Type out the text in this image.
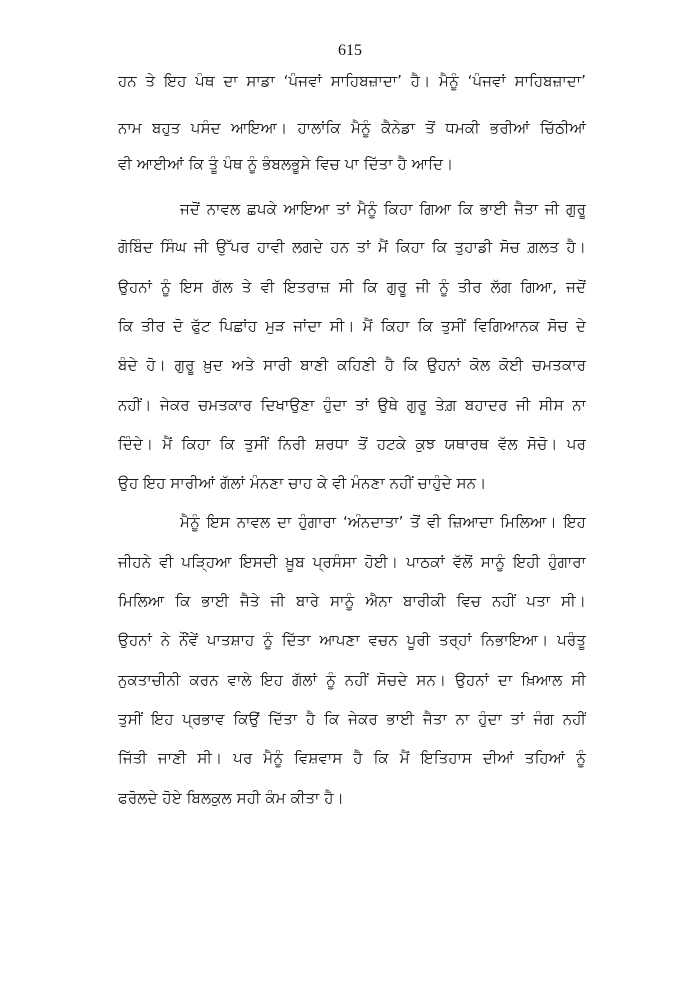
615
ਹਨ ਤੇ ਇਹ ਪੰਥ ਦਾ ਸਾਡਾ ‘ਪੰਜਵਾਂ ਸਾਹਿਬਜ਼ਾਦਾ’ ਹੈ। ਮੈਨੂੰ ‘ਪੰਜਵਾਂ ਸਾਹਿਬਜ਼ਾਦਾ’
ਨਾਮ ਬਹੁਤ ਪਸੰਦ ਆਇਆ। ਹਾਲਾਂਕਿ ਮੈਨੂੰ ਕੈਨੇਡਾ ਤੋਂ ਧਮਕੀ ਭਰੀਆਂ ਚਿੱਠੀਆਂ
ਵੀ ਆਈਆਂ ਕਿ ਤੂੰ ਪੰਥ ਨੂੰ ਭੰਬਲਭੂਸੇ ਵਿਚ ਪਾ ਦਿੱਤਾ ਹੈ ਆਦਿ।
ਜਦੋਂ ਨਾਵਲ ਛਪਕੇ ਆਇਆ ਤਾਂ ਮੈਨੂੰ ਕਿਹਾ ਗਿਆ ਕਿ ਭਾਈ ਜੈਤਾ ਜੀ ਗੁਰੂ
ਗੋਬਿੰਦ ਸਿੰਘ ਜੀ ਉੱਪਰ ਹਾਵੀ ਲਗਦੇ ਹਨ ਤਾਂ ਮੈਂ ਕਿਹਾ ਕਿ ਤੁਹਾਡੀ ਸੋਚ ਗ਼ਲਤ ਹੈ।
ਉਹਨਾਂ ਨੂੰ ਇਸ ਗੱਲ ਤੇ ਵੀ ਇਤਰਾਜ਼ ਸੀ ਕਿ ਗੁਰੂ ਜੀ ਨੂੰ ਤੀਰ ਲੱਗ ਗਿਆ, ਜਦੋਂ
ਕਿ ਤੀਰ ਦੋ ਫੁੱਟ ਪਿਛਾਂਹ ਮੁੜ ਜਾਂਦਾ ਸੀ। ਮੈਂ ਕਿਹਾ ਕਿ ਤੁਸੀਂ ਵਿਗਿਆਨਕ ਸੋਚ ਦੇ
ਬੰਦੇ ਹੋ। ਗੁਰੂ ਖ਼ੁਦ ਅਤੇ ਸਾਰੀ ਬਾਣੀ ਕਹਿਣੀ ਹੈ ਕਿ ਉਹਨਾਂ ਕੋਲ ਕੋਈ ਚਮਤਕਾਰ
ਨਹੀਂ। ਜੇਕਰ ਚਮਤਕਾਰ ਦਿਖਾਉਣਾ ਹੁੰਦਾ ਤਾਂ ਉਥੇ ਗੁਰੂ ਤੇਗ਼ ਬਹਾਦਰ ਜੀ ਸੀਸ ਨਾ
ਦਿੰਦੇ। ਮੈਂ ਕਿਹਾ ਕਿ ਤੁਸੀਂ ਨਿਰੀ ਸ਼ਰਧਾ ਤੋਂ ਹਟਕੇ ਕੁਝ ਯਥਾਰਥ ਵੱਲ ਸੋਚੋ। ਪਰ
ਉਹ ਇਹ ਸਾਰੀਆਂ ਗੱਲਾਂ ਮੰਨਣਾ ਚਾਹ ਕੇ ਵੀ ਮੰਨਣਾ ਨਹੀਂ ਚਾਹੁੰਦੇ ਸਨ।
ਮੈਨੂੰ ਇਸ ਨਾਵਲ ਦਾ ਹੁੰਗਾਰਾ ‘ਅੰਨਦਾਤਾ’ ਤੋਂ ਵੀ ਜ਼ਿਆਦਾ ਮਿਲਿਆ। ਇਹ
ਜੀਹਨੇ ਵੀ ਪੜ੍ਹਿਆ ਇਸਦੀ ਖ਼ੂਬ ਪ੍ਰਸੰਸਾ ਹੋਈ। ਪਾਠਕਾਂ ਵੱਲੋਂ ਸਾਨੂੰ ਇਹੀ ਹੁੰਗਾਰਾ
ਮਿਲਿਆ ਕਿ ਭਾਈ ਜੈਤੇ ਜੀ ਬਾਰੇ ਸਾਨੂੰ ਐਨਾ ਬਾਰੀਕੀ ਵਿਚ ਨਹੀਂ ਪਤਾ ਸੀ।
ਉਹਨਾਂ ਨੇ ਨੌਂਵੇਂ ਪਾਤਸ਼ਾਹ ਨੂੰ ਦਿੱਤਾ ਆਪਣਾ ਵਚਨ ਪੂਰੀ ਤਰ੍ਹਾਂ ਨਿਭਾਇਆ। ਪਰੰਤੂ
ਨੁਕਤਾਚੀਨੀ ਕਰਨ ਵਾਲੇ ਇਹ ਗੱਲਾਂ ਨੂੰ ਨਹੀਂ ਸੋਚਦੇ ਸਨ। ਉਹਨਾਂ ਦਾ ਖ਼ਿਆਲ ਸੀ
ਤੁਸੀਂ ਇਹ ਪ੍ਰਭਾਵ ਕਿਉਂ ਦਿੱਤਾ ਹੈ ਕਿ ਜੇਕਰ ਭਾਈ ਜੈਤਾ ਨਾ ਹੁੰਦਾ ਤਾਂ ਜੰਗ ਨਹੀਂ
ਜਿੱਤੀ ਜਾਣੀ ਸੀ। ਪਰ ਮੈਨੂੰ ਵਿਸ਼ਵਾਸ ਹੈ ਕਿ ਮੈਂ ਇਤਿਹਾਸ ਦੀਆਂ ਤਹਿਆਂ ਨੂੰ
ਫਰੋਲਦੇ ਹੋਏ ਬਿਲਕੁਲ ਸਹੀ ਕੰਮ ਕੀਤਾ ਹੈ।
